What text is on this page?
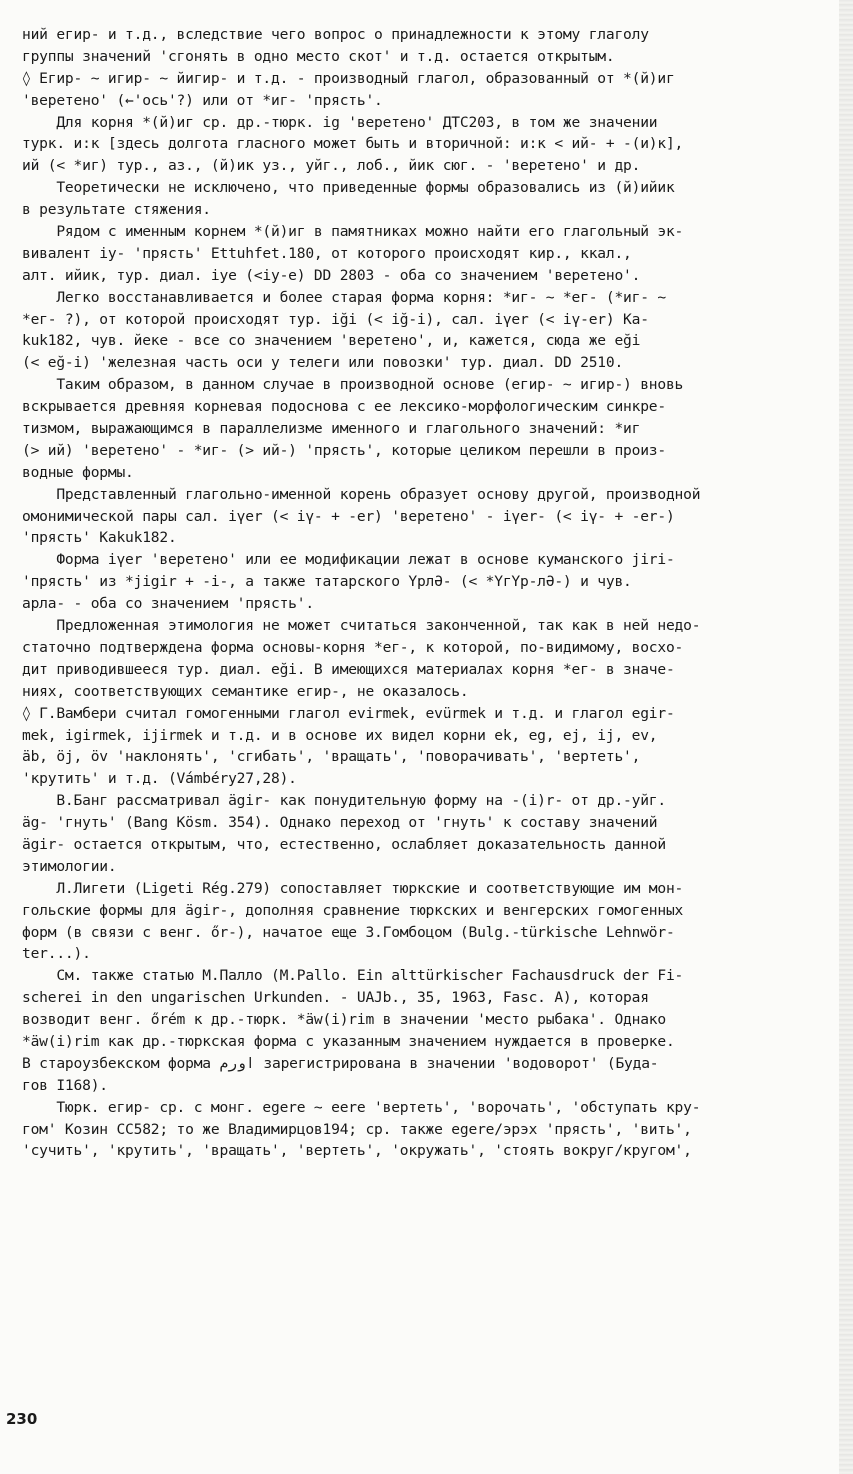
ний егир- и т.д., вследствие чего вопрос о принадлежности к этому глаголу
группы значений 'сгонять в одно место скот' и т.д. остается открытым.
◊ Егир- ~ игир- ~ йигир- и т.д. - производный глагол, образованный от *(й)иг
'веретено' (←'ось'?) или от *иг- 'прясть'.
Для корня *(й)иг ср. др.-тюрк. ig 'веретено' ДТС203, в том же значении
турк. и:к [здесь долгота гласного может быть и вторичной: и:к < ий- + -(и)к],
ий (< *иг) тур., аз., (й)ик уз., уйг., лоб., йик сюг. - 'веретено' и др.
Теоретически не исключено, что приведенные формы образовались из (й)ийик
в результате стяжения.
Рядом с именным корнем *(й)иг в памятниках можно найти его глагольный эк-
вивалент iy- 'прясть' Ettuhfet.180, от которого происходят кир., ккал.,
алт. ийик, тур. диал. iye (<iy-e) DD 2803 - оба со значением 'веретено'.
Легко восстанавливается и более старая форма корня: *иг- ~ *ег- (*иг- ~
*ег- ?), от которой происходят тур. iği (< iğ-i), сал. iүer (< iү-er) Ka-
kuk182, чув. йеке - все со значением 'веретено', и, кажется, сюда же eği
(< eğ-i) 'железная часть оси у телеги или повозки' тур. диал. DD 2510.
Таким образом, в данном случае в производной основе (егир- ~ игир-) вновь
вскрывается древняя корневая подоснова с ее лексико-морфологическим синкре-
тизмом, выражающимся в параллелизме именного и глагольного значений: *иг
(> ий) 'веретено' - *иг- (> ий-) 'прясть', которые целиком перешли в произ-
водные формы.
Представленный глагольно-именной корень образует основу другой, производной
омонимической пары сал. iүer (< iү- + -er) 'веретено' - iүer- (< iү- + -er-)
'прясть' Kakuk182.
Форма iүer 'веретено' или ее модификации лежат в основе куманского jiri-
'прясть' из *jigir + -i-, а также татарского ҮрлƏ- (< *ҮгҮр-лƏ-) и чув.
арла- - оба со значением 'прясть'.
Предложенная этимология не может считаться законченной, так как в ней недо-
статочно подтверждена форма основы-корня *ег-, к которой, по-видимому, восхо-
дит приводившееся тур. диал. eği. В имеющихся материалах корня *ег- в значе-
ниях, соответствующих семантике егир-, не оказалось.
◊ Г.Вамбери считал гомогенными глагол evirmek, evürmek и т.д. и глагол egir-
mek, igirmek, ijirmek и т.д. и в основе их видел корни ek, eg, ej, ij, ev,
äb, öj, öv 'наклонять', 'сгибать', 'вращать', 'поворачивать', 'вертеть',
'крутить' и т.д. (Vámbéry27,28).
В.Банг рассматривал ägir- как понудительную форму на -(i)r- от др.-уйг.
äg- 'гнуть' (Bang Kösm. 354). Однако переход от 'гнуть' к составу значений
ägir- остается открытым, что, естественно, ослабляет доказательность данной
этимологии.
Л.Лигети (Ligeti Rég.279) сопоставляет тюркские и соответствующие им мон-
гольские формы для ägir-, дополняя сравнение тюркских и венгерских гомогенных
форм (в связи с венг. őr-), начатое еще З.Гомбоцом (Bulg.-türkische Lehnwör-
ter...).
См. также статью М.Палло (M.Pallo. Ein alttürkischer Fachausdruck der Fi-
scherei in den ungarischen Urkunden. - UAJb., 35, 1963, Fasc. A), которая
возводит венг. őrém к др.-тюрк. *äw(i)rim в значении 'место рыбака'. Однако
*äw(i)rim как др.-тюркская форма с указанным значением нуждается в проверке.
В староузбекском форма اورم зарегистрирована в значении 'водоворот' (Буда-
гов I168).
Тюрк. егир- ср. с монг. egere ~ eere 'вертеть', 'ворочать', 'обступать кру-
гом' Козин СС582; то же Владимирцов194; ср. также egere/эрэх 'прясть', 'вить',
'сучить', 'крутить', 'вращать', 'вертеть', 'окружать', 'стоять вокруг/кругом',
230
